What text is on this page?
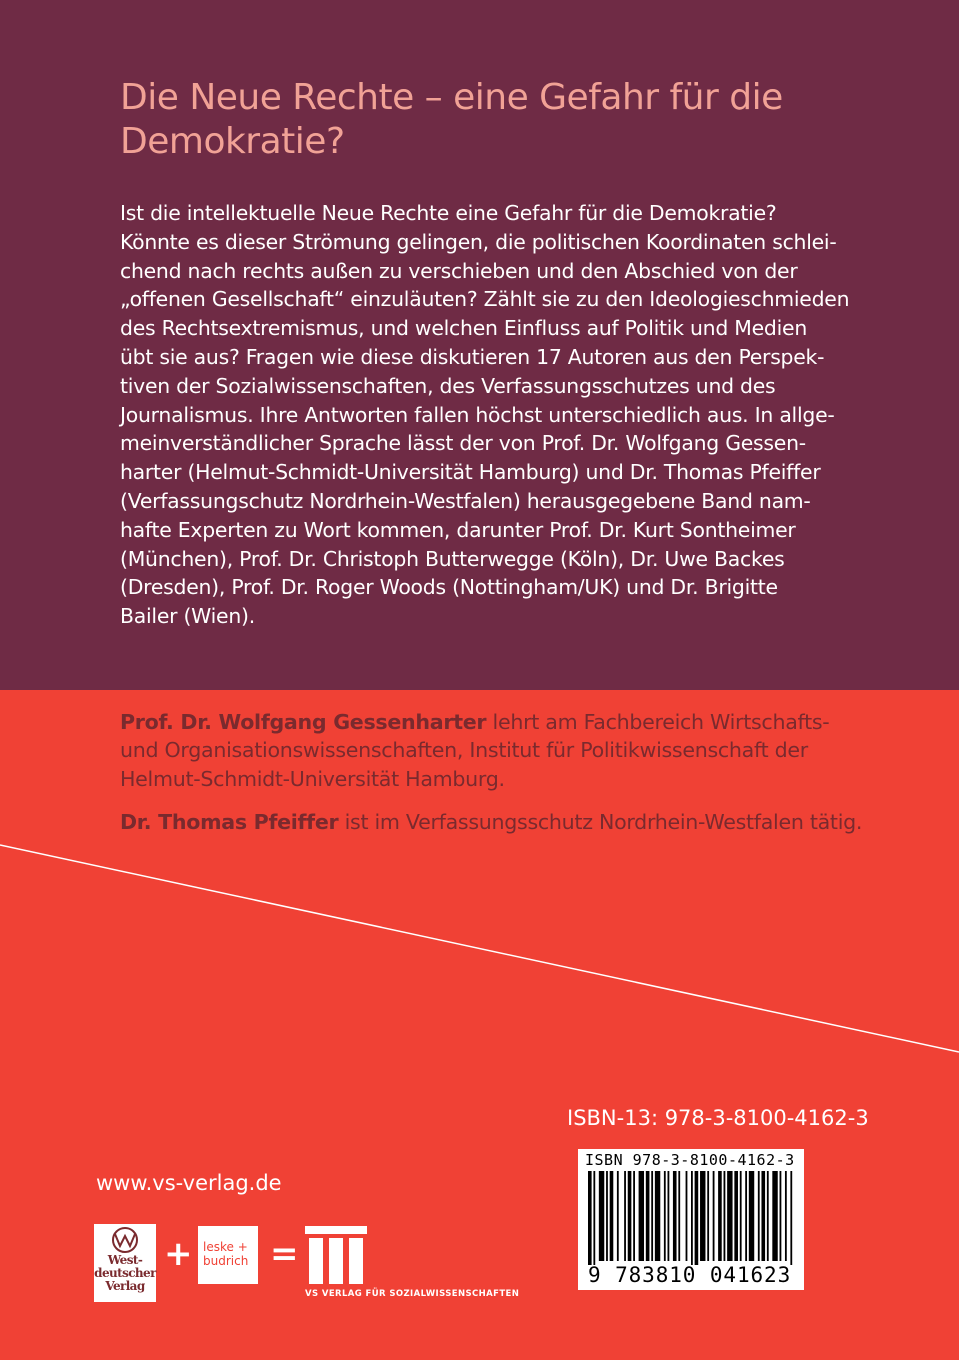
Die Neue Rechte – eine Gefahr für die Demokratie?

Ist die intellektuelle Neue Rechte eine Gefahr für die Demokratie?
Könnte es dieser Strömung gelingen, die politischen Koordinaten schlei-
chend nach rechts außen zu verschieben und den Abschied von der
„offenen Gesellschaft“ einzuläuten? Zählt sie zu den Ideologieschmieden
des Rechtsextremismus, und welchen Einfluss auf Politik und Medien
übt sie aus? Fragen wie diese diskutieren 17 Autoren aus den Perspek-
tiven der Sozialwissenschaften, des Verfassungsschutzes und des
Journalismus. Ihre Antworten fallen höchst unterschiedlich aus. In allge-
meinverständlicher Sprache lässt der von Prof. Dr. Wolfgang Gessen-
harter (Helmut-Schmidt-Universität Hamburg) und Dr. Thomas Pfeiffer
(Verfassungschutz Nordrhein-Westfalen) herausgegebene Band nam-
hafte Experten zu Wort kommen, darunter Prof. Dr. Kurt Sontheimer
(München), Prof. Dr. Christoph Butterwegge (Köln), Dr. Uwe Backes
(Dresden), Prof. Dr. Roger Woods (Nottingham/UK) und Dr. Brigitte
Bailer (Wien).

Prof. Dr. Wolfgang Gessenharter lehrt am Fachbereich Wirtschafts-
und Organisationswissenschaften, Institut für Politikwissenschaft der
Helmut-Schmidt-Universität Hamburg.

Dr. Thomas Pfeiffer ist im Verfassungsschutz Nordrhein-Westfalen tätig.

ISBN-13: 978-3-8100-4162-3
www.vs-verlag.de
ISBN 978-3-8100-4162-3
9 783810 041623
West-
deutscher
Verlag
+ leske +
budrich =
VS VERLAG FÜR SOZIALWISSENSCHAFTEN
